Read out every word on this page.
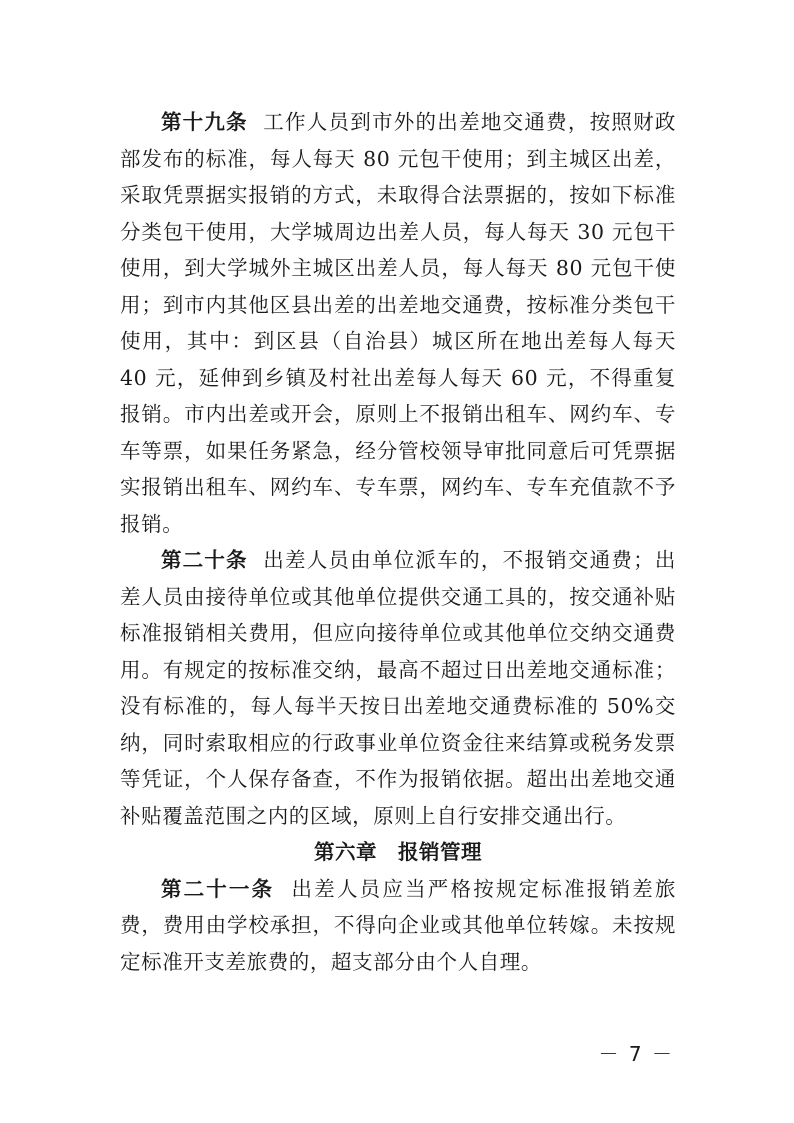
第十九条 工作人员到市外的出差地交通费，按照财政部发布的标准，每人每天 80 元包干使用；到主城区出差，采取凭票据实报销的方式，未取得合法票据的，按如下标准分类包干使用，大学城周边出差人员，每人每天 30 元包干使用，到大学城外主城区出差人员，每人每天 80 元包干使用；到市内其他区县出差的出差地交通费，按标准分类包干使用，其中：到区县（自治县）城区所在地出差每人每天 40 元，延伸到乡镇及村社出差每人每天 60 元，不得重复报销。市内出差或开会，原则上不报销出租车、网约车、专车等票，如果任务紧急，经分管校领导审批同意后可凭票据实报销出租车、网约车、专车票，网约车、专车充值款不予报销。

第二十条 出差人员由单位派车的，不报销交通费；出差人员由接待单位或其他单位提供交通工具的，按交通补贴标准报销相关费用，但应向接待单位或其他单位交纳交通费用。有规定的按标准交纳，最高不超过日出差地交通标准；没有标准的，每人每半天按日出差地交通费标准的 50%交纳，同时索取相应的行政事业单位资金往来结算或税务发票等凭证，个人保存备查，不作为报销依据。超出出差地交通补贴覆盖范围之内的区域，原则上自行安排交通出行。

第六章　报销管理

第二十一条 出差人员应当严格按规定标准报销差旅费，费用由学校承担，不得向企业或其他单位转嫁。未按规定标准开支差旅费的，超支部分由个人自理。

－ 7 －
